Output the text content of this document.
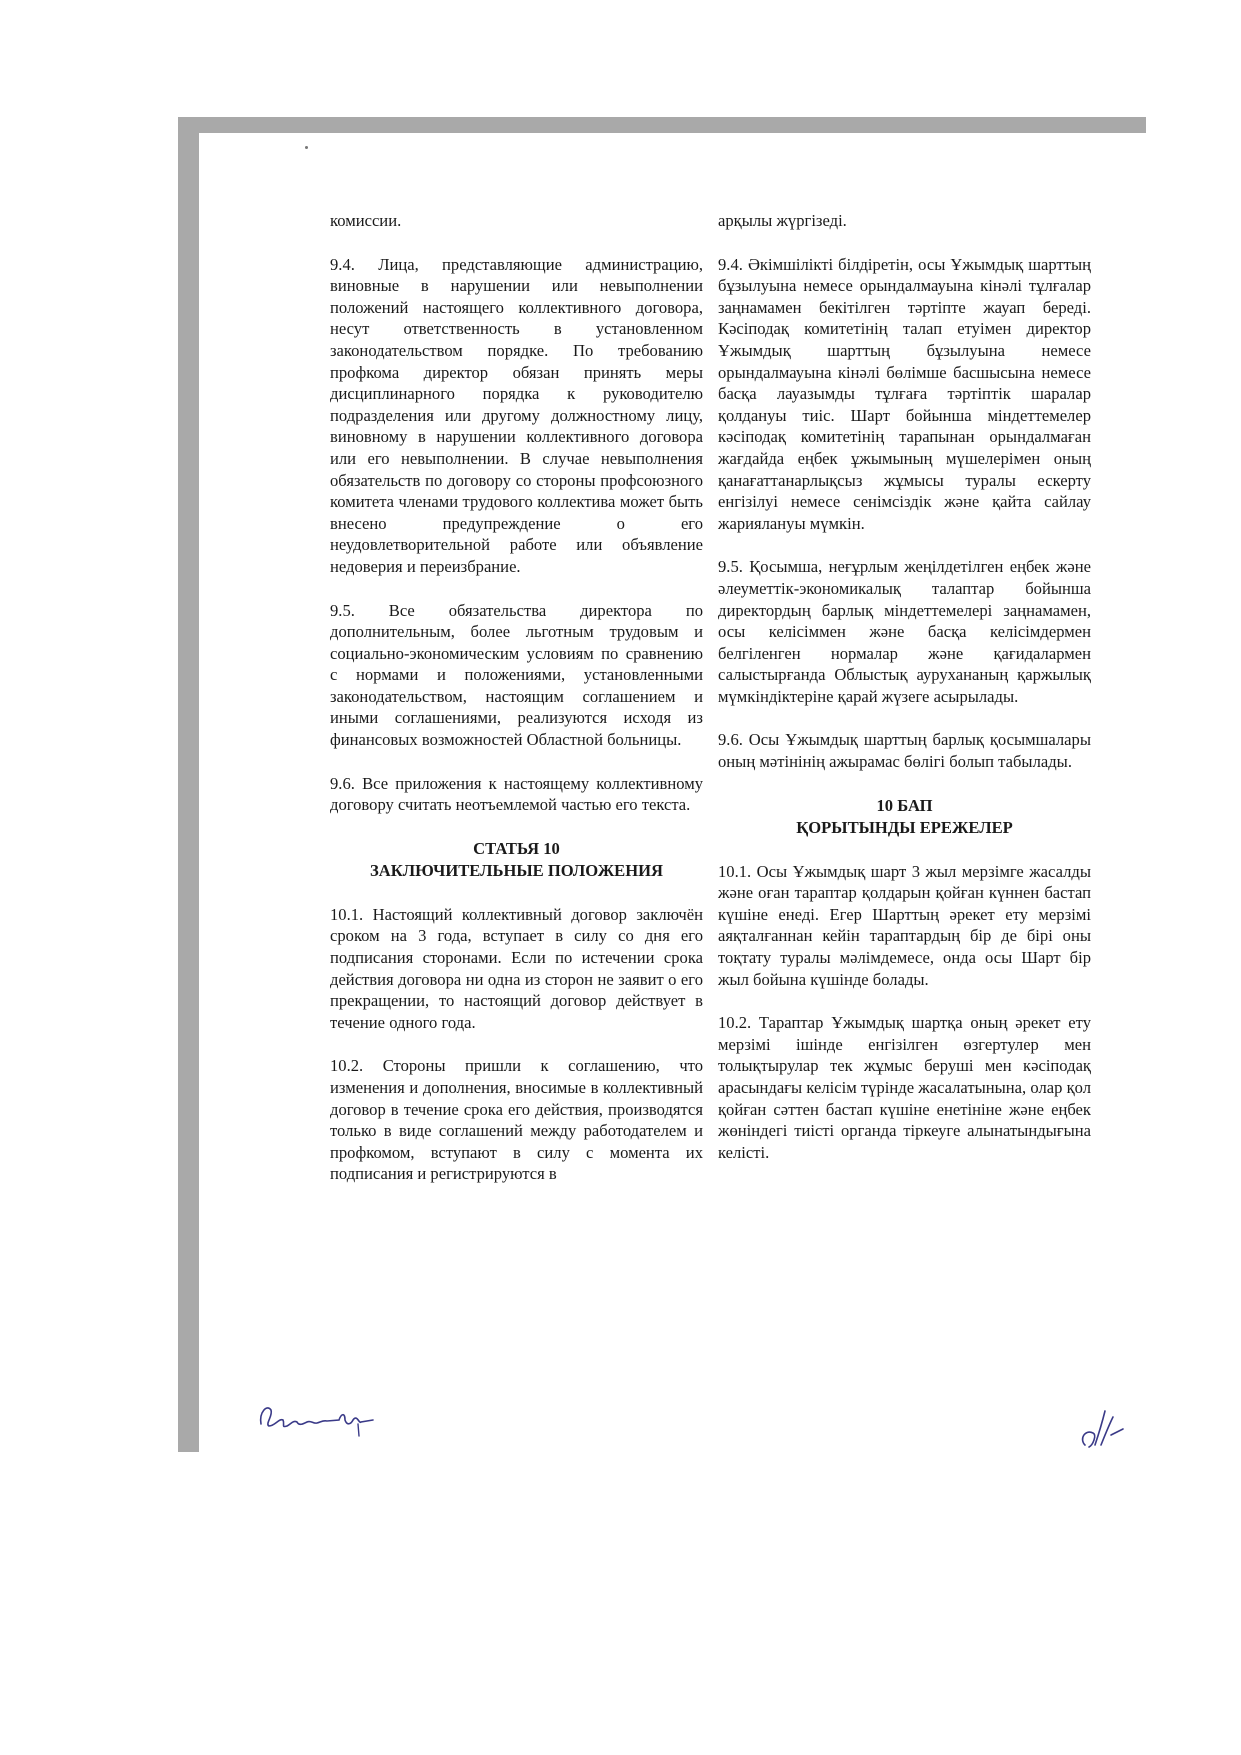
комиссии.

9.4. Лица, представляющие администрацию, виновные в нарушении или невыполнении положений настоящего коллективного договора, несут ответственность в установленном законодательством порядке. По требованию профкома директор обязан принять меры дисциплинарного порядка к руководителю подразделения или другому должностному лицу, виновному в нарушении коллективного договора или его невыполнении. В случае невыполнения обязательств по договору со стороны профсоюзного комитета членами трудового коллектива может быть внесено предупреждение о его неудовлетворительной работе или объявление недоверия и переизбрание.

9.5. Все обязательства директора по дополнительным, более льготным трудовым и социально-экономическим условиям по сравнению с нормами и положениями, установленными законодательством, настоящим соглашением и иными соглашениями, реализуются исходя из финансовых возможностей Областной больницы.

9.6. Все приложения к настоящему коллективному договору считать неотъемлемой частью его текста.

СТАТЬЯ 10
ЗАКЛЮЧИТЕЛЬНЫЕ ПОЛОЖЕНИЯ

10.1. Настоящий коллективный договор заключён сроком на 3 года, вступает в силу со дня его подписания сторонами. Если по истечении срока действия договора ни одна из сторон не заявит о его прекращении, то настоящий договор действует в течение одного года.

10.2. Стороны пришли к соглашению, что изменения и дополнения, вносимые в коллективный договор в течение срока его действия, производятся только в виде соглашений между работодателем и профкомом, вступают в силу с момента их подписания и регистрируются в

арқылы жүргізеді.

9.4. Әкімшілікті білдіретін, осы Ұжымдық шарттың бұзылуына немесе орындалмауына кінәлі тұлғалар заңнамамен бекітілген тәртіпте жауап береді. Кәсіподақ комитетінің талап етуімен директор Ұжымдық шарттың бұзылуына немесе орындалмауына кінәлі бөлімше басшысына немесе басқа лауазымды тұлғаға тәртіптік шаралар қолдануы тиіс. Шарт бойынша міндеттемелер кәсіподақ комитетінің тарапынан орындалмаған жағдайда еңбек ұжымының мүшелерімен оның қанағаттанарлықсыз жұмысы туралы ескерту енгізілуі немесе сенімсіздік және қайта сайлау жариялануы мүмкін.

9.5. Қосымша, неғұрлым жеңілдетілген еңбек және әлеуметтік-экономикалық талаптар бойынша директордың барлық міндеттемелері заңнамамен, осы келісіммен және басқа келісімдермен белгіленген нормалар және қағидалармен салыстырғанда Облыстық аурухананың қаржылық мүмкіндіктеріне қарай жүзеге асырылады.

9.6. Осы Ұжымдық шарттың барлық қосымшалары оның мәтінінің ажырамас бөлігі болып табылады.

10 БАП
ҚОРЫТЫНДЫ ЕРЕЖЕЛЕР

10.1. Осы Ұжымдық шарт 3 жыл мерзімге жасалды және оған тараптар қолдарын қойған күннен бастап күшіне енеді. Егер Шарттың әрекет ету мерзімі аяқталғаннан кейін тараптардың бір де бірі оны тоқтату туралы мәлімдемесе, онда осы Шарт бір жыл бойына күшінде болады.

10.2. Тараптар Ұжымдық шартқа оның әрекет ету мерзімі ішінде енгізілген өзгертулер мен толықтырулар тек жұмыс беруші мен кәсіподақ арасындағы келісім түрінде жасалатынына, олар қол қойған сәттен бастап күшіне енетініне және еңбек жөніндегі тиісті органда тіркеуге алынатындығына келісті.
